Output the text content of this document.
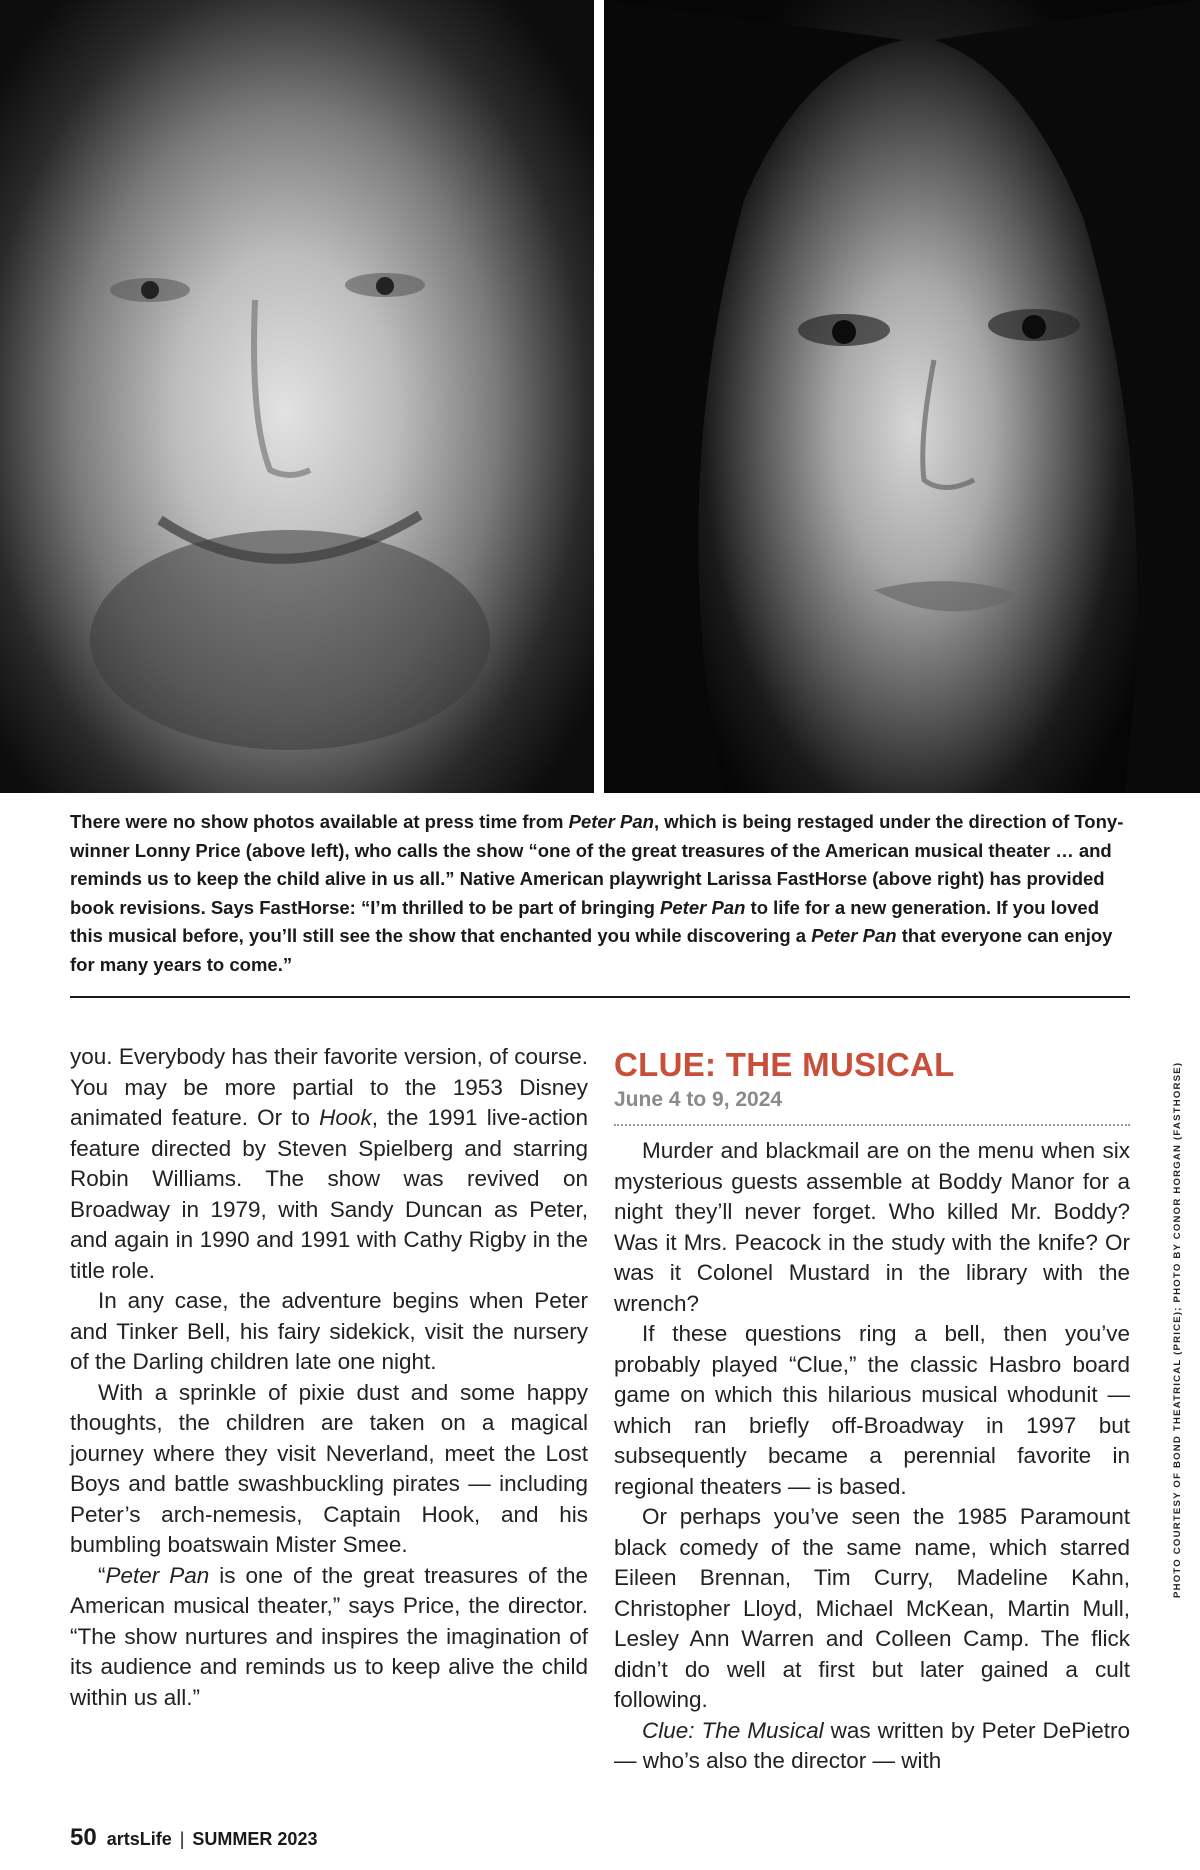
There were no show photos available at press time from Peter Pan, which is being restaged under the direction of Tony-winner Lonny Price (above left), who calls the show “one of the great treasures of the American musical theater … and reminds us to keep the child alive in us all.” Native American playwright Larissa FastHorse (above right) has provided book revisions. Says FastHorse: “I’m thrilled to be part of bringing Peter Pan to life for a new generation. If you loved this musical before, you’ll still see the show that enchanted you while discovering a Peter Pan that everyone can enjoy for many years to come.”

you. Everybody has their favorite version, of course. You may be more partial to the 1953 Disney animated feature. Or to Hook, the 1991 live-action feature directed by Steven Spielberg and starring Robin Williams. The show was revived on Broadway in 1979, with Sandy Duncan as Peter, and again in 1990 and 1991 with Cathy Rigby in the title role.

In any case, the adventure begins when Peter and Tinker Bell, his fairy sidekick, visit the nursery of the Darling children late one night.

With a sprinkle of pixie dust and some happy thoughts, the children are taken on a magical journey where they visit Neverland, meet the Lost Boys and battle swashbuckling pirates — including Peter’s arch-nemesis, Captain Hook, and his bumbling boatswain Mister Smee.

“Peter Pan is one of the great treasures of the American musical theater,” says Price, the director. “The show nurtures and inspires the imagination of its audience and reminds us to keep alive the child within us all.”

CLUE: THE MUSICAL
June 4 to 9, 2024

Murder and blackmail are on the menu when six mysterious guests assemble at Boddy Manor for a night they’ll never forget. Who killed Mr. Boddy? Was it Mrs. Peacock in the study with the knife? Or was it Colonel Mustard in the library with the wrench?

If these questions ring a bell, then you’ve probably played “Clue,” the classic Hasbro board game on which this hilarious musical whodunit — which ran briefly off-Broadway in 1997 but subsequently became a perennial favorite in regional theaters — is based.

Or perhaps you’ve seen the 1985 Paramount black comedy of the same name, which starred Eileen Brennan, Tim Curry, Madeline Kahn, Christopher Lloyd, Michael McKean, Martin Mull, Lesley Ann Warren and Colleen Camp. The flick didn’t do well at first but later gained a cult following.

Clue: The Musical was written by Peter DePietro — who’s also the director — with

PHOTO COURTESY OF BOND THEATRICAL (PRICE); PHOTO BY CONOR HORGAN (FASTHORSE)
50 artsLife | SUMMER 2023
